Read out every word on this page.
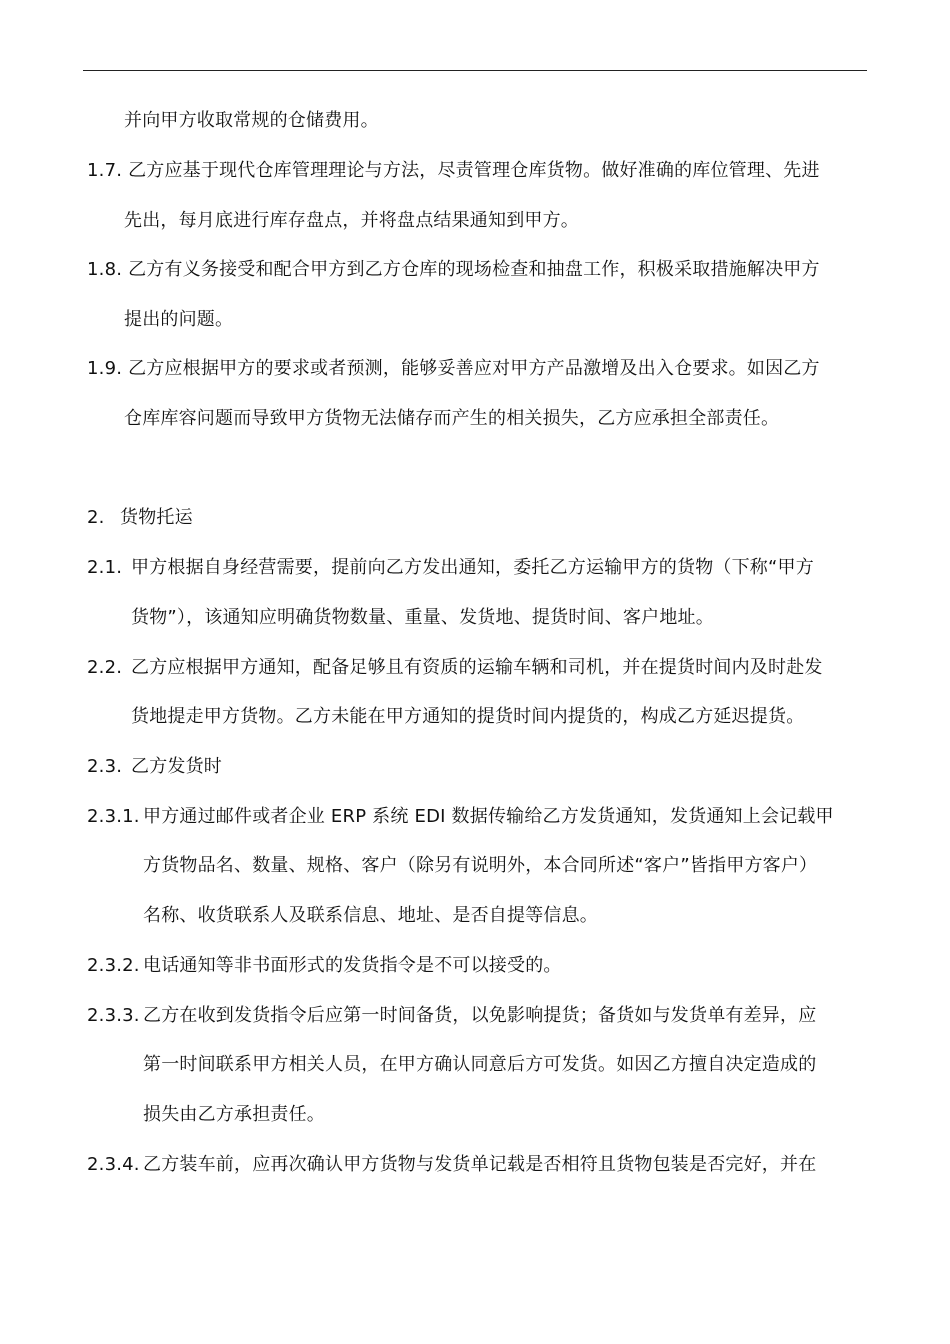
并向甲方收取常规的仓储费用。
1.7. 乙方应基于现代仓库管理理论与方法，尽责管理仓库货物。做好准确的库位管理、先进
先出，每月底进行库存盘点，并将盘点结果通知到甲方。
1.8. 乙方有义务接受和配合甲方到乙方仓库的现场检查和抽盘工作，积极采取措施解决甲方
提出的问题。
1.9. 乙方应根据甲方的要求或者预测，能够妥善应对甲方产品激增及出入仓要求。如因乙方
仓库库容问题而导致甲方货物无法储存而产生的相关损失，乙方应承担全部责任。
2. 货物托运
2.1. 甲方根据自身经营需要，提前向乙方发出通知，委托乙方运输甲方的货物（下称“甲方
货物”），该通知应明确货物数量、重量、发货地、提货时间、客户地址。
2.2. 乙方应根据甲方通知，配备足够且有资质的运输车辆和司机，并在提货时间内及时赴发
货地提走甲方货物。乙方未能在甲方通知的提货时间内提货的，构成乙方延迟提货。
2.3. 乙方发货时
2.3.1. 甲方通过邮件或者企业 ERP 系统 EDI 数据传输给乙方发货通知，发货通知上会记载甲
方货物品名、数量、规格、客户（除另有说明外，本合同所述“客户”皆指甲方客户）
名称、收货联系人及联系信息、地址、是否自提等信息。
2.3.2. 电话通知等非书面形式的发货指令是不可以接受的。
2.3.3. 乙方在收到发货指令后应第一时间备货，以免影响提货；备货如与发货单有差异，应
第一时间联系甲方相关人员，在甲方确认同意后方可发货。如因乙方擅自决定造成的
损失由乙方承担责任。
2.3.4. 乙方装车前，应再次确认甲方货物与发货单记载是否相符且货物包装是否完好，并在
